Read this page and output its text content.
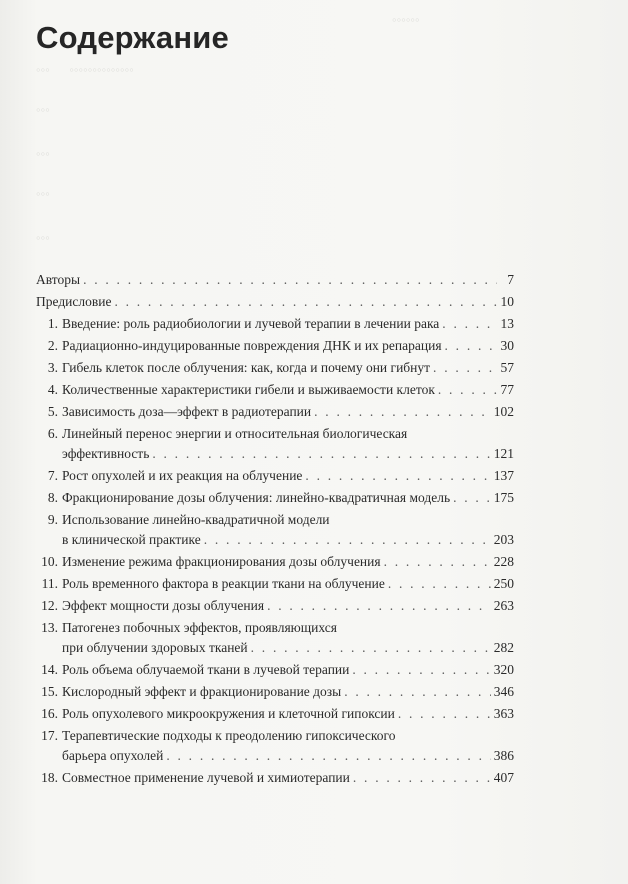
◦◦◦◦◦◦
◦◦◦      ◦◦◦◦◦◦◦◦◦◦◦◦◦◦
◦◦◦
◦◦◦
◦◦◦
◦◦◦
Содержание
Авторы . . .	7
Предисловие . . .	10
1. Введение: роль радиобиологии и лучевой терапии в лечении рака . . .	13
2. Радиационно-индуцированные повреждения ДНК и их репарация . . .	30
3. Гибель клеток после облучения: как, когда и почему они гибнут . . .	57
4. Количественные характеристики гибели и выживаемости клеток . . .	77
5. Зависимость доза—эффект в радиотерапии . . .	102
6. Линейный перенос энергии и относительная биологическая
эффективность . . .	121
7. Рост опухолей и их реакция на облучение . . .	137
8. Фракционирование дозы облучения: линейно-квадратичная модель . . .	175
9. Использование линейно-квадратичной модели
в клинической практике . . .	203
10. Изменение режима фракционирования дозы облучения . . .	228
11. Роль временного фактора в реакции ткани на облучение . . .	250
12. Эффект мощности дозы облучения . . .	263
13. Патогенез побочных эффектов, проявляющихся
при облучении здоровых тканей . . .	282
14. Роль объема облучаемой ткани в лучевой терапии . . .	320
15. Кислородный эффект и фракционирование дозы . . .	346
16. Роль опухолевого микроокружения и клеточной гипоксии . . .	363
17. Терапевтические подходы к преодолению гипоксического
барьера опухолей . . .	386
18. Совместное применение лучевой и химиотерапии . . .	407
